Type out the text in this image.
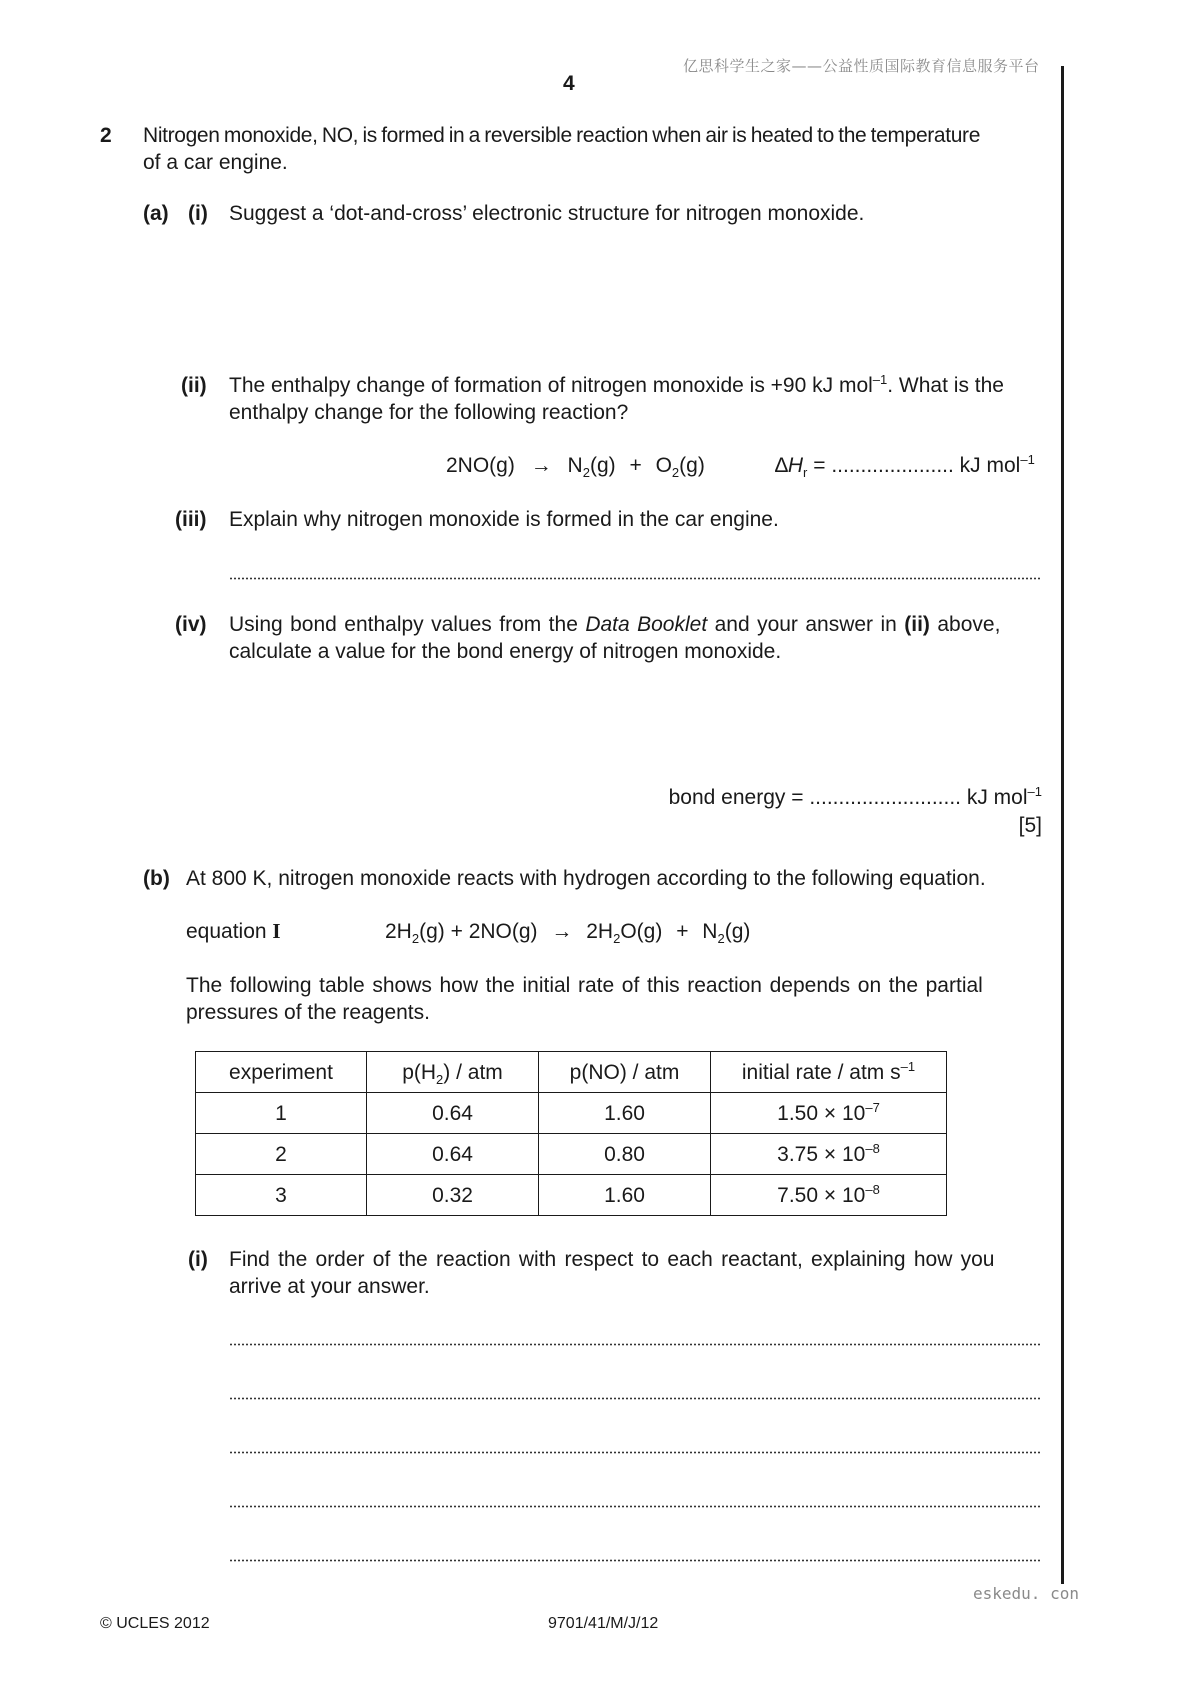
亿思科学生之家——公益性质国际教育信息服务平台
4
2 Nitrogen monoxide, NO, is formed in a reversible reaction when air is heated to the temperature
of a car engine.
(a) (i) Suggest a ‘dot-and-cross’ electronic structure for nitrogen monoxide.
(ii) The enthalpy change of formation of nitrogen monoxide is +90 kJ mol$^{-1}$. What is the
enthalpy change for the following reaction?
$2NO(g) \to N_2(g) + O_2(g)$	$\Delta H_r$ = ..................... kJ mol$^{-1}$
(iii) Explain why nitrogen monoxide is formed in the car engine.
(iv) Using bond enthalpy values from the Data Booklet and your answer in (ii) above,
calculate a value for the bond energy of nitrogen monoxide.
bond energy = .......................... kJ mol$^{-1}$
[5]
(b) At 800 K, nitrogen monoxide reacts with hydrogen according to the following equation.
equation I	$2H_2(g) + 2NO(g) \to 2H_2O(g) + N_2(g)$
The following table shows how the initial rate of this reaction depends on the partial
pressures of the reagents.
experiment	$p(H_2)$ / atm	p(NO) / atm	initial rate / atm $s^{-1}$
1	0.64	1.60	$1.50 \times 10^{-7}$
2	0.64	0.80	$3.75 \times 10^{-8}$
3	0.32	1.60	$7.50 \times 10^{-8}$
(i) Find the order of the reaction with respect to each reactant, explaining how you
arrive at your answer.
eskedu. con
© UCLES 2012	9701/41/M/J/12
